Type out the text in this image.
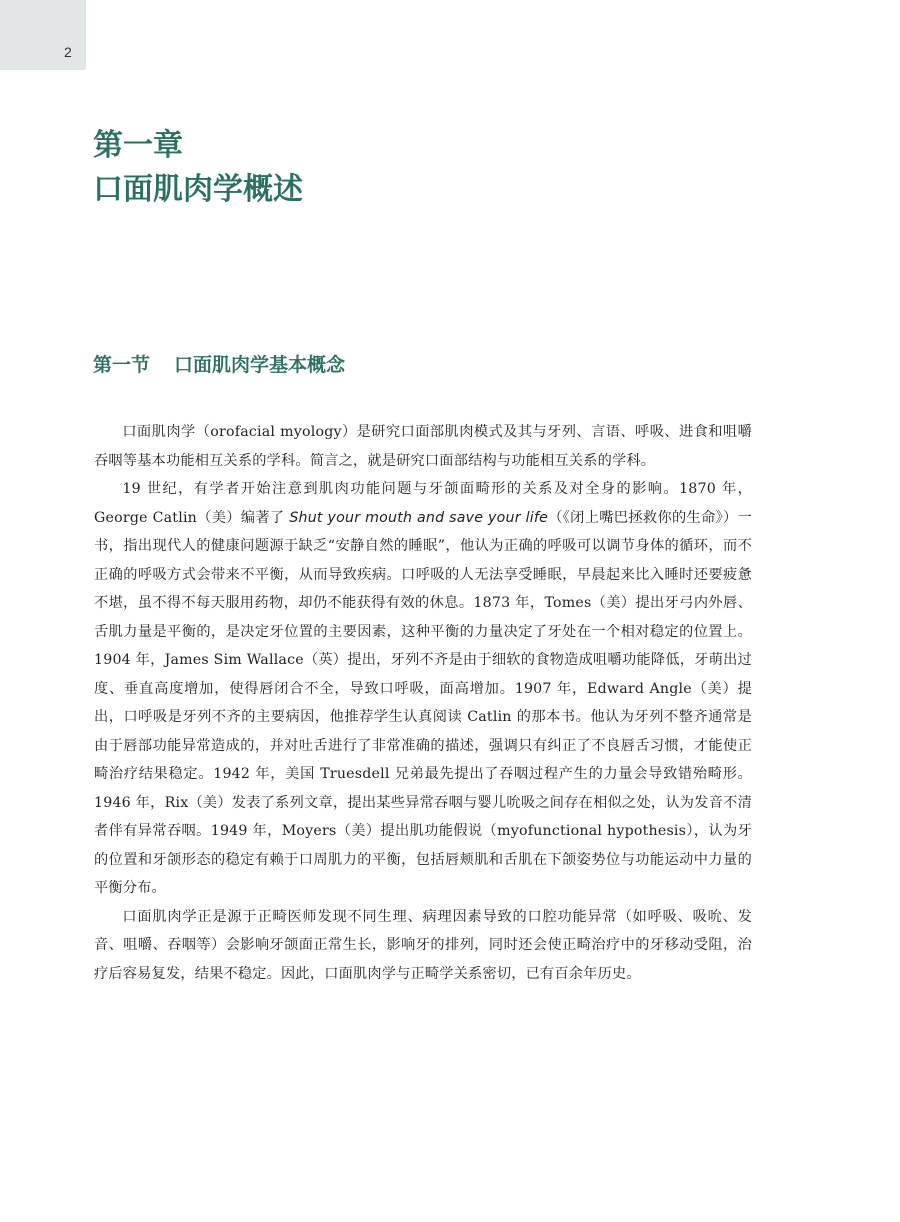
2
第一章
口面肌肉学概述
第一节 口面肌肉学基本概念

口面肌肉学（orofacial myology）是研究口面部肌肉模式及其与牙列、言语、呼吸、进食和咀嚼吞咽等基本功能相互关系的学科。简言之，就是研究口面部结构与功能相互关系的学科。

19 世纪，有学者开始注意到肌肉功能问题与牙颌面畸形的关系及对全身的影响。1870 年，George Catlin（美）编著了 Shut your mouth and save your life（《闭上嘴巴拯救你的生命》）一书，指出现代人的健康问题源于缺乏“安静自然的睡眠”，他认为正确的呼吸可以调节身体的循环，而不正确的呼吸方式会带来不平衡，从而导致疾病。口呼吸的人无法享受睡眠，早晨起来比入睡时还要疲惫不堪，虽不得不每天服用药物，却仍不能获得有效的休息。1873 年，Tomes（美）提出牙弓内外唇、舌肌力量是平衡的，是决定牙位置的主要因素，这种平衡的力量决定了牙处在一个相对稳定的位置上。1904 年，James Sim Wallace（英）提出，牙列不齐是由于细软的食物造成咀嚼功能降低，牙萌出过度、垂直高度增加，使得唇闭合不全，导致口呼吸，面高增加。1907 年，Edward Angle（美）提出，口呼吸是牙列不齐的主要病因，他推荐学生认真阅读 Catlin 的那本书。他认为牙列不整齐通常是由于唇部功能异常造成的，并对吐舌进行了非常准确的描述，强调只有纠正了不良唇舌习惯，才能使正畸治疗结果稳定。1942 年，美国 Truesdell 兄弟最先提出了吞咽过程产生的力量会导致错殆畸形。1946 年，Rix（美）发表了系列文章，提出某些异常吞咽与婴儿吮吸之间存在相似之处，认为发音不清者伴有异常吞咽。1949 年，Moyers（美）提出肌功能假说（myofunctional hypothesis），认为牙的位置和牙颌形态的稳定有赖于口周肌力的平衡，包括唇颊肌和舌肌在下颌姿势位与功能运动中力量的平衡分布。

口面肌肉学正是源于正畸医师发现不同生理、病理因素导致的口腔功能异常（如呼吸、吸吮、发音、咀嚼、吞咽等）会影响牙颌面正常生长，影响牙的排列，同时还会使正畸治疗中的牙移动受阻，治疗后容易复发，结果不稳定。因此，口面肌肉学与正畸学关系密切，已有百余年历史。
